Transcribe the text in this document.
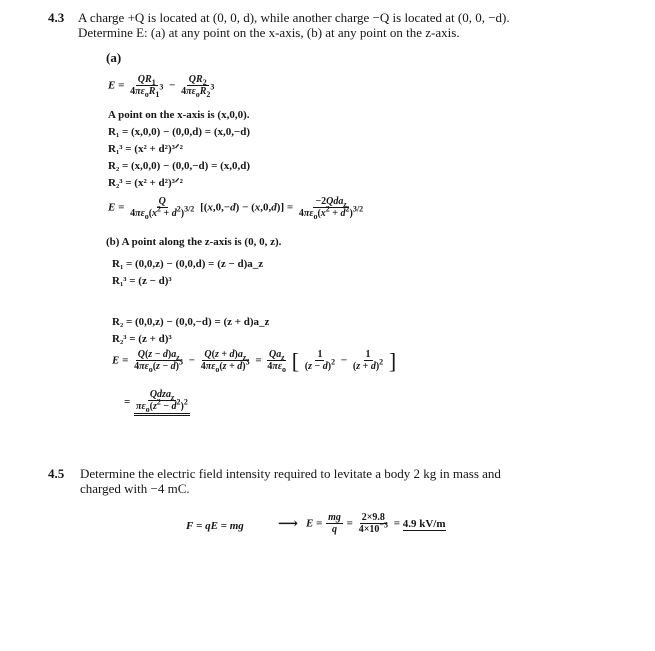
4.3 A charge +Q is located at (0, 0, d), while another charge −Q is located at (0, 0, −d).
Determine E: (a) at any point on the x-axis, (b) at any point on the z-axis.
(a)
$E = \frac{QR_1}{4\pi\varepsilon_oR_1^3} - \frac{QR_2}{4\pi\varepsilon_oR_2^3}$
A point on the x-axis is (x,0,0).
R₁ = (x,0,0) − (0,0,d) = (x,0,−d)
R₁³ = (x² + d²)³ᐟ²
R₂ = (x,0,0) − (0,0,−d) = (x,0,d)
R₂³ = (x² + d²)³ᐟ²
$E = \frac{Q}{4\pi\varepsilon_o(x^2 + d^2)^{3/2}} [(x,0,-d) - (x,0,d)] = \frac{-2Qda_z}{4\pi\varepsilon_o(x^2 + d^2)^{3/2}}$
(b) A point along the z-axis is (0, 0, z).
R₁ = (0,0,z) − (0,0,d) = (z − d)a_z
R₁³ = (z − d)³
R₂ = (0,0,z) − (0,0,−d) = (z + d)a_z
R₂³ = (z + d)³
$E = \frac{Q(z - d)a_z}{4\pi\varepsilon_o(z - d)^3} - \frac{Q(z + d)a_z}{4\pi\varepsilon_o(z + d)^3} = \frac{Qa_z}{4\pi\varepsilon_o}$ [ $\frac{1}{(z - d)^2} - \frac{1}{(z + d)^2}$ ]
= $\frac{Qdza_z}{\pi\varepsilon_o(z^2 - d^2)^2}$
4.5 Determine the electric field intensity required to levitate a body 2 kg in mass and
charged with −4 mC.
F = qE = mg ⟶ $E = \frac{mg}{q} = \frac{2\times 9.8}{4\times 10^{-3}} = 4.9$ kV/m
